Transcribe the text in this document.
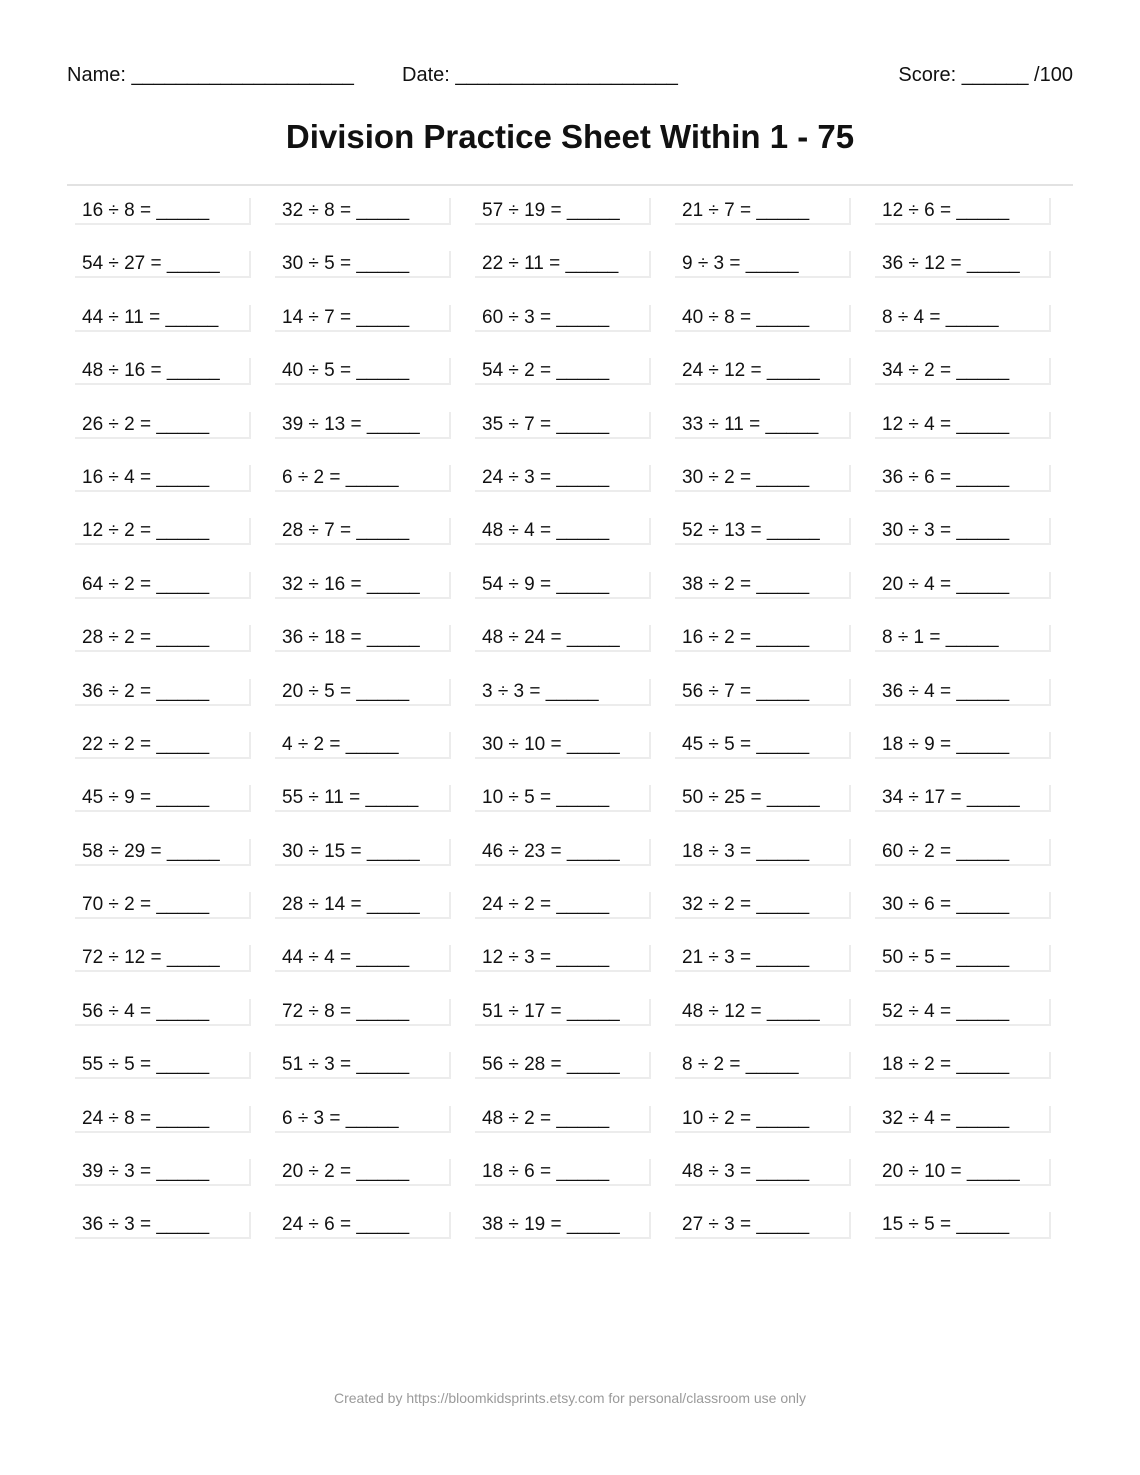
Name: ____________________ Date: ____________________	Score: ______ /100
Division Practice Sheet Within 1 - 75
16 ÷ 8 = _____	32 ÷ 8 = _____	57 ÷ 19 = _____	21 ÷ 7 = _____	12 ÷ 6 = _____
54 ÷ 27 = _____	30 ÷ 5 = _____	22 ÷ 11 = _____	9 ÷ 3 = _____	36 ÷ 12 = _____
44 ÷ 11 = _____	14 ÷ 7 = _____	60 ÷ 3 = _____	40 ÷ 8 = _____	8 ÷ 4 = _____
48 ÷ 16 = _____	40 ÷ 5 = _____	54 ÷ 2 = _____	24 ÷ 12 = _____	34 ÷ 2 = _____
26 ÷ 2 = _____	39 ÷ 13 = _____	35 ÷ 7 = _____	33 ÷ 11 = _____	12 ÷ 4 = _____
16 ÷ 4 = _____	6 ÷ 2 = _____	24 ÷ 3 = _____	30 ÷ 2 = _____	36 ÷ 6 = _____
12 ÷ 2 = _____	28 ÷ 7 = _____	48 ÷ 4 = _____	52 ÷ 13 = _____	30 ÷ 3 = _____
64 ÷ 2 = _____	32 ÷ 16 = _____	54 ÷ 9 = _____	38 ÷ 2 = _____	20 ÷ 4 = _____
28 ÷ 2 = _____	36 ÷ 18 = _____	48 ÷ 24 = _____	16 ÷ 2 = _____	8 ÷ 1 = _____
36 ÷ 2 = _____	20 ÷ 5 = _____	3 ÷ 3 = _____	56 ÷ 7 = _____	36 ÷ 4 = _____
22 ÷ 2 = _____	4 ÷ 2 = _____	30 ÷ 10 = _____	45 ÷ 5 = _____	18 ÷ 9 = _____
45 ÷ 9 = _____	55 ÷ 11 = _____	10 ÷ 5 = _____	50 ÷ 25 = _____	34 ÷ 17 = _____
58 ÷ 29 = _____	30 ÷ 15 = _____	46 ÷ 23 = _____	18 ÷ 3 = _____	60 ÷ 2 = _____
70 ÷ 2 = _____	28 ÷ 14 = _____	24 ÷ 2 = _____	32 ÷ 2 = _____	30 ÷ 6 = _____
72 ÷ 12 = _____	44 ÷ 4 = _____	12 ÷ 3 = _____	21 ÷ 3 = _____	50 ÷ 5 = _____
56 ÷ 4 = _____	72 ÷ 8 = _____	51 ÷ 17 = _____	48 ÷ 12 = _____	52 ÷ 4 = _____
55 ÷ 5 = _____	51 ÷ 3 = _____	56 ÷ 28 = _____	8 ÷ 2 = _____	18 ÷ 2 = _____
24 ÷ 8 = _____	6 ÷ 3 = _____	48 ÷ 2 = _____	10 ÷ 2 = _____	32 ÷ 4 = _____
39 ÷ 3 = _____	20 ÷ 2 = _____	18 ÷ 6 = _____	48 ÷ 3 = _____	20 ÷ 10 = _____
36 ÷ 3 = _____	24 ÷ 6 = _____	38 ÷ 19 = _____	27 ÷ 3 = _____	15 ÷ 5 = _____
Created by https://bloomkidsprints.etsy.com for personal/classroom use only
